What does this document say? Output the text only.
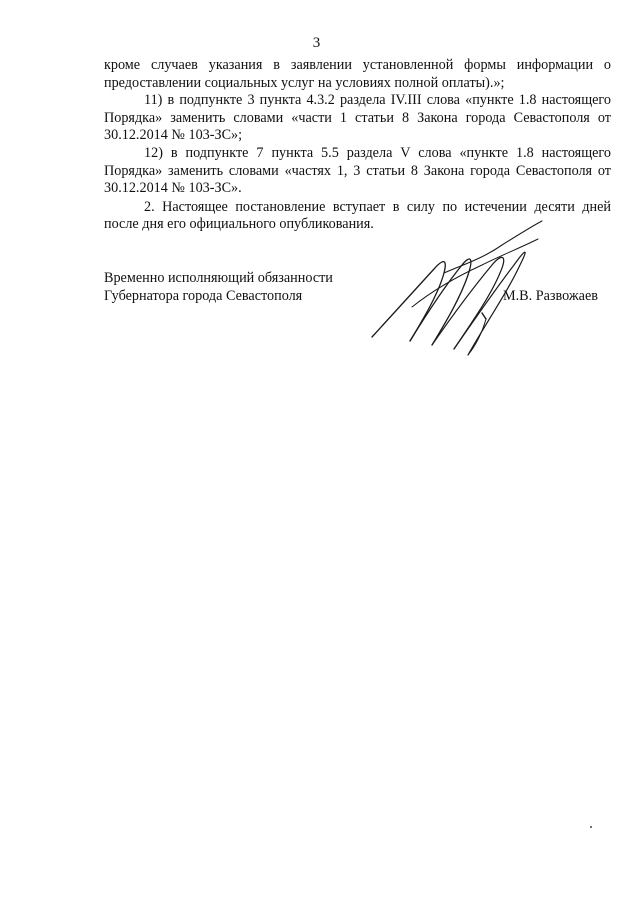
3

кроме случаев указания в заявлении установленной формы информации о предоставлении социальных услуг на условиях полной оплаты).»;

11) в подпункте 3 пункта 4.3.2 раздела IV.III слова «пункте 1.8 настоящего Порядка» заменить словами «части 1 статьи 8 Закона города Севастополя от 30.12.2014 № 103-ЗС»;

12) в подпункте 7 пункта 5.5 раздела V слова «пункте 1.8 настоящего Порядка» заменить словами «частях 1, 3 статьи 8 Закона города Севастополя от 30.12.2014 № 103-ЗС».

2. Настоящее постановление вступает в силу по истечении десяти дней после дня его официального опубликования.

Временно исполняющий обязанности
Губернатора города Севастополя	М.В. Развожаев
